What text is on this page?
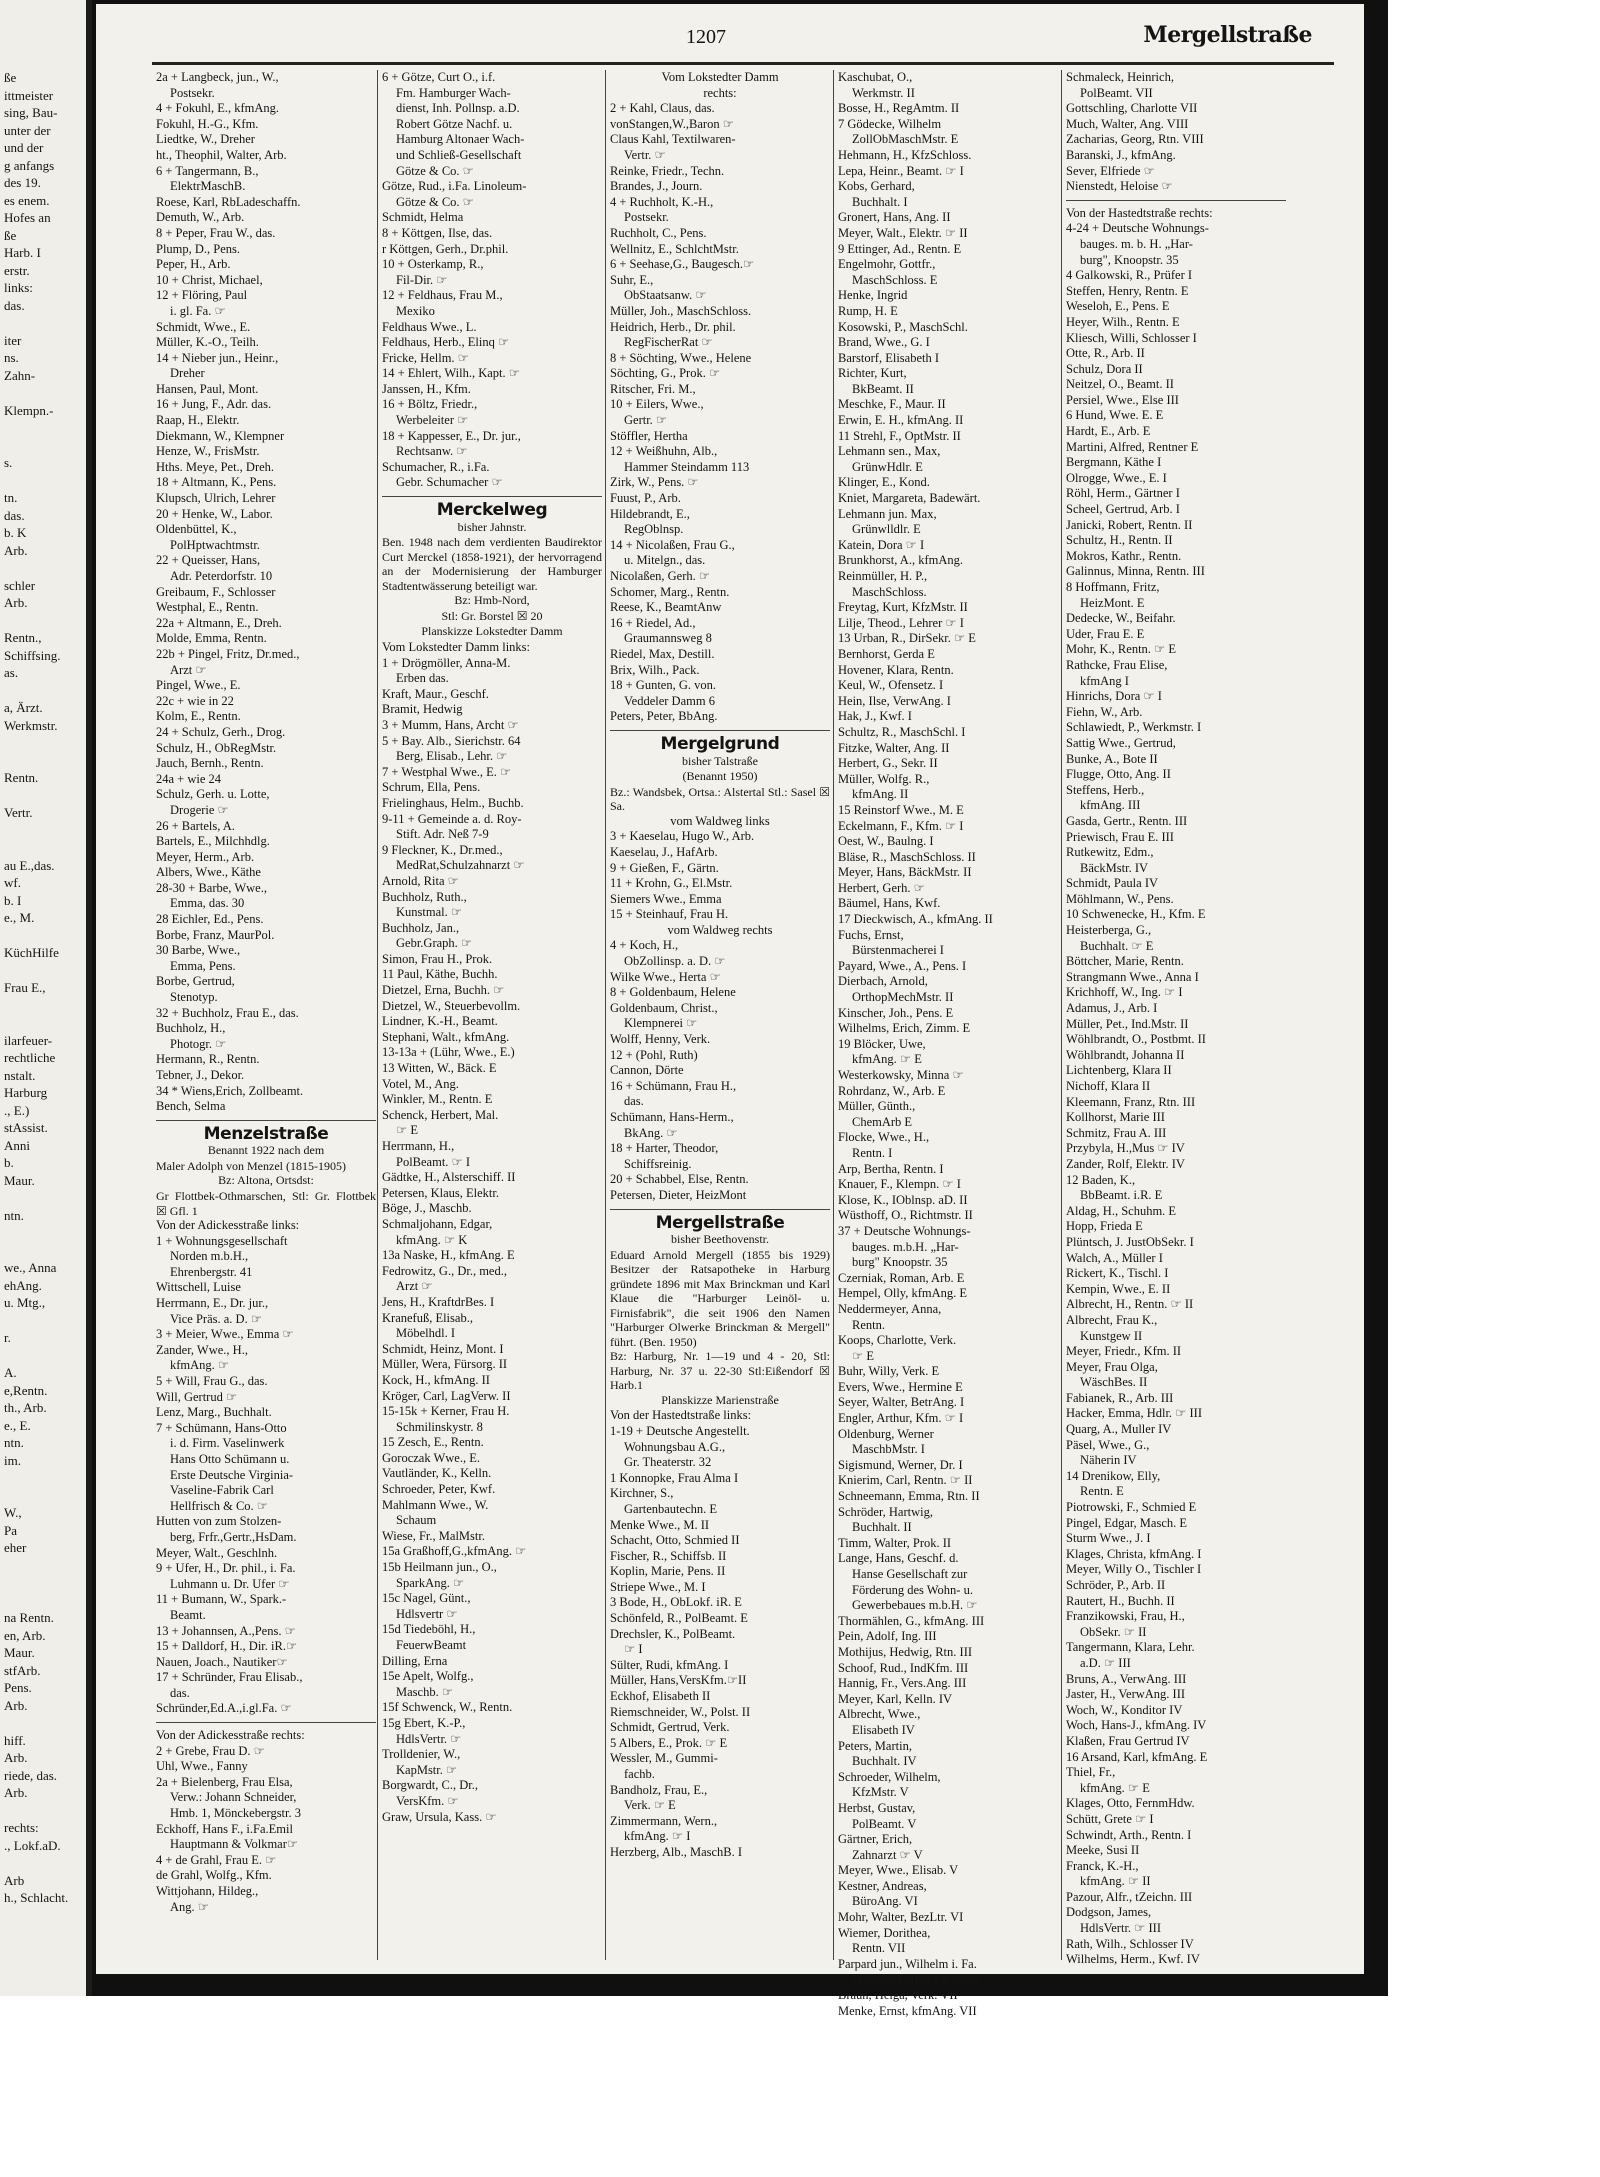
ße
ittmeister
sing, Bau-
unter der
und der
g anfangs
des 19.
es enem.
Hofes an
ße
Harb. I
erstr.
links:
das.
iter
ns.
Zahn-
Klempn.-
s.
tn.
das.
b. K
Arb.
schler
Arb.
Rentn.,
Schiffsing.
as.
a, Ärzt.
Werkmstr.
Rentn.
Vertr.
au E.,das.
wf.
b. I
e., M.
KüchHilfe
Frau E.,
ilarfeuer-
rechtliche
nstalt.
Harburg
., E.)
stAssist.
Anni
b.
Maur.
ntn.
we., Anna
ehAng.
u. Mtg.,
r.
A.
e,Rentn.
th., Arb.
e., E.
ntn.
im.
W.,
Pa
eher
na Rentn.
en, Arb.
Maur.
stfArb.
Pens.
Arb.
hiff.
Arb.
riede, das.
Arb.
rechts:
., Lokf.aD.
Arb
h., Schlacht.
1207	Mergellstraße
2a + Langbeck, jun., W.,
Postsekr.
4 + Fokuhl, E., kfmAng.
Fokuhl, H.-G., Kfm.
Liedtke, W., Dreher
ht., Theophil, Walter, Arb.
6 + Tangermann, B.,
ElektrMaschB.
Roese, Karl, RbLadeschaffn.
Demuth, W., Arb.
8 + Peper, Frau W., das.
Plump, D., Pens.
Peper, H., Arb.
10 + Christ, Michael,
12 + Flöring, Paul
i. gl. Fa. ☞
Schmidt, Wwe., E.
Müller, K.-O., Teilh.
14 + Nieber jun., Heinr.,
Dreher
Hansen, Paul, Mont.
16 + Jung, F., Adr. das.
Raap, H., Elektr.
Diekmann, W., Klempner
Henze, W., FrisMstr.
Hths. Meye, Pet., Dreh.
18 + Altmann, K., Pens.
Klupsch, Ulrich, Lehrer
20 + Henke, W., Labor.
Oldenbüttel, K.,
PolHptwachtmstr.
22 + Queisser, Hans,
Adr. Peterdorfstr. 10
Greibaum, F., Schlosser
Westphal, E., Rentn.
22a + Altmann, E., Dreh.
Molde, Emma, Rentn.
22b + Pingel, Fritz, Dr.med.,
Arzt ☞
Pingel, Wwe., E.
22c + wie in 22
Kolm, E., Rentn.
24 + Schulz, Gerh., Drog.
Schulz, H., ObRegMstr.
Jauch, Bernh., Rentn.
24a + wie 24
Schulz, Gerh. u. Lotte,
Drogerie ☞
26 + Bartels, A.
Bartels, E., Milchhdlg.
Meyer, Herm., Arb.
Albers, Wwe., Käthe
28-30 + Barbe, Wwe.,
Emma, das. 30
28 Eichler, Ed., Pens.
Borbe, Franz, MaurPol.
30 Barbe, Wwe.,
Emma, Pens.
Borbe, Gertrud,
Stenotyp.
32 + Buchholz, Frau E., das.
Buchholz, H.,
Photogr. ☞
Hermann, R., Rentn.
Tebner, J., Dekor.
34 * Wiens,Erich, Zollbeamt.
Bench, Selma
Menzelstraße
Benannt 1922 nach dem
Maler Adolph von Menzel (1815-1905)
Bz: Altona, Ortsdst:
Gr Flottbek-Othmarschen, Stl: Gr. Flottbek ☒ Gfl. 1
Von der Adickesstraße links:
1 + Wohnungsgesellschaft
Norden m.b.H.,
Ehrenbergstr. 41
Wittschell, Luise
Herrmann, E., Dr. jur.,
Vice Präs. a. D. ☞
3 + Meier, Wwe., Emma ☞
Zander, Wwe., H.,
kfmAng. ☞
5 + Will, Frau G., das.
Will, Gertrud ☞
Lenz, Marg., Buchhalt.
7 + Schümann, Hans-Otto
i. d. Firm. Vaselinwerk
Hans Otto Schümann u.
Erste Deutsche Virginia-
Vaseline-Fabrik Carl
Hellfrisch & Co. ☞
Hutten von zum Stolzen-
berg, Frfr.,Gertr.,HsDam.
Meyer, Walt., Geschlnh.
9 + Ufer, H., Dr. phil., i. Fa.
Luhmann u. Dr. Ufer ☞
11 + Bumann, W., Spark.-
Beamt.
13 + Johannsen, A.,Pens. ☞
15 + Dalldorf, H., Dir. iR.☞
Nauen, Joach., Nautiker☞
17 + Schründer, Frau Elisab.,
das.
Schründer,Ed.A.,i.gl.Fa. ☞
Von der Adickesstraße rechts:
2 + Grebe, Frau D. ☞
Uhl, Wwe., Fanny
2a + Bielenberg, Frau Elsa,
Verw.: Johann Schneider,
Hmb. 1, Mönckebergstr. 3
Eckhoff, Hans F., i.Fa.Emil
Hauptmann & Volkmar☞
4 + de Grahl, Frau E. ☞
de Grahl, Wolfg., Kfm.
Wittjohann, Hildeg.,
Ang. ☞
6 + Götze, Curt O., i.f.
Fm. Hamburger Wach-
dienst, Inh. Pollnsp. a.D.
Robert Götze Nachf. u.
Hamburg Altonaer Wach-
und Schließ-Gesellschaft
Götze & Co. ☞
Götze, Rud., i.Fa. Linoleum-
Götze & Co. ☞
Schmidt, Helma
8 + Köttgen, Ilse, das.
r Köttgen, Gerh., Dr.phil.
10 + Osterkamp, R.,
Fil-Dir. ☞
12 + Feldhaus, Frau M.,
Mexiko
Feldhaus Wwe., L.
Feldhaus, Herb., Elinq ☞
Fricke, Hellm. ☞
14 + Ehlert, Wilh., Kapt. ☞
Janssen, H., Kfm.
16 + Böltz, Friedr.,
Werbeleiter ☞
18 + Kappesser, E., Dr. jur.,
Rechtsanw. ☞
Schumacher, R., i.Fa.
Gebr. Schumacher ☞
Merckelweg
bisher Jahnstr.
Ben. 1948 nach dem verdienten Baudirektor Curt Merckel (1858-1921), der hervorragend an der Modernisierung der Hamburger Stadtentwässerung beteiligt war.
Bz: Hmb-Nord,
Stl: Gr. Borstel ☒ 20
Planskizze Lokstedter Damm
Vom Lokstedter Damm links:
1 + Drögmöller, Anna-M.
Erben das.
Kraft, Maur., Geschf.
Bramit, Hedwig
3 + Mumm, Hans, Archt ☞
5 + Bay. Alb., Sierichstr. 64
Berg, Elisab., Lehr. ☞
7 + Westphal Wwe., E. ☞
Schrum, Ella, Pens.
Frielinghaus, Helm., Buchb.
9-11 + Gemeinde a. d. Roy-
Stift. Adr. Neß 7-9
9 Fleckner, K., Dr.med.,
MedRat,Schulzahnarzt ☞
Arnold, Rita ☞
Buchholz, Ruth.,
Kunstmal. ☞
Buchholz, Jan.,
Gebr.Graph. ☞
Simon, Frau H., Prok.
11 Paul, Käthe, Buchh.
Dietzel, Erna, Buchh. ☞
Dietzel, W., Steuerbevollm.
Lindner, K.-H., Beamt.
Stephani, Walt., kfmAng.
13-13a + (Lühr, Wwe., E.)
13 Witten, W., Bäck. E
Votel, M., Ang.
Winkler, M., Rentn. E
Schenck, Herbert, Mal.
☞ E
Herrmann, H.,
PolBeamt. ☞ I
Gädtke, H., Alsterschiff. II
Petersen, Klaus, Elektr.
Böge, J., Maschb.
Schmaljohann, Edgar,
kfmAng. ☞ K
13a Naske, H., kfmAng. E
Fedrowitz, G., Dr., med.,
Arzt ☞
Jens, H., KraftdrBes. I
Kranefuß, Elisab.,
Möbelhdl. I
Schmidt, Heinz, Mont. I
Müller, Wera, Fürsorg. II
Kock, H., kfmAng. II
Kröger, Carl, LagVerw. II
15-15k + Kerner, Frau H.
Schmilinskystr. 8
15 Zesch, E., Rentn.
Goroczak Wwe., E.
Vautländer, K., Kelln.
Schroeder, Peter, Kwf.
Mahlmann Wwe., W.
Schaum
Wiese, Fr., MalMstr.
15a Graßhoff,G.,kfmAng. ☞
15b Heilmann jun., O.,
SparkAng. ☞
15c Nagel, Günt.,
Hdlsvertr ☞
15d Tiedeböhl, H.,
FeuerwBeamt
Dilling, Erna
15e Apelt, Wolfg.,
Maschb. ☞
15f Schwenck, W., Rentn.
15g Ebert, K.-P.,
HdlsVertr. ☞
Trolldenier, W.,
KapMstr. ☞
Borgwardt, C., Dr.,
VersKfm. ☞
Graw, Ursula, Kass. ☞
Vom Lokstedter Damm
rechts:
2 + Kahl, Claus, das.
vonStangen,W.,Baron ☞
Claus Kahl, Textilwaren-
Vertr. ☞
Reinke, Friedr., Techn.
Brandes, J., Journ.
4 + Ruchholt, K.-H.,
Postsekr.
Ruchholt, C., Pens.
Wellnitz, E., SchlchtMstr.
6 + Seehase,G., Baugesch.☞
Suhr, E.,
ObStaatsanw. ☞
Müller, Joh., MaschSchloss.
Heidrich, Herb., Dr. phil.
RegFischerRat ☞
8 + Söchting, Wwe., Helene
Söchting, G., Prok. ☞
Ritscher, Fri. M.,
10 + Eilers, Wwe.,
Gertr. ☞
Stöffler, Hertha
12 + Weißhuhn, Alb.,
Hammer Steindamm 113
Zirk, W., Pens. ☞
Fuust, P., Arb.
Hildebrandt, E.,
RegOblnsp.
14 + Nicolaßen, Frau G.,
u. Mitelgn., das.
Nicolaßen, Gerh. ☞
Schomer, Marg., Rentn.
Reese, K., BeamtAnw
16 + Riedel, Ad.,
Graumannsweg 8
Riedel, Max, Destill.
Brix, Wilh., Pack.
18 + Gunten, G. von.
Veddeler Damm 6
Peters, Peter, BbAng.
Mergelgrund
bisher Talstraße
(Benannt 1950)
Bz.: Wandsbek, Ortsa.: Alstertal Stl.: Sasel ☒ Sa.
vom Waldweg links
3 + Kaeselau, Hugo W., Arb.
Kaeselau, J., HafArb.
9 + Gießen, F., Gärtn.
11 + Krohn, G., El.Mstr.
Siemers Wwe., Emma
15 + Steinhauf, Frau H.
vom Waldweg rechts
4 + Koch, H.,
ObZollinsp. a. D. ☞
Wilke Wwe., Herta ☞
8 + Goldenbaum, Helene
Goldenbaum, Christ.,
Klempnerei ☞
Wolff, Henny, Verk.
12 + (Pohl, Ruth)
Cannon, Dörte
16 + Schümann, Frau H.,
das.
Schümann, Hans-Herm.,
BkAng. ☞
18 + Harter, Theodor,
Schiffsreinig.
20 + Schabbel, Else, Rentn.
Petersen, Dieter, HeizMont
Mergellstraße
bisher Beethovenstr.
Eduard Arnold Mergell (1855 bis 1929) Besitzer der Ratsapotheke in Harburg gründete 1896 mit Max Brinckman und Karl Klaue die "Harburger Leinöl- u. Firnisfabrik", die seit 1906 den Namen "Harburger Olwerke Brinckman & Mergell" führt. (Ben. 1950)
Bz: Harburg, Nr. 1—19 und 4 - 20, Stl: Harburg, Nr. 37 u. 22-30 Stl:Eißendorf ☒ Harb.1
Planskizze Marienstraße
Von der Hastedtstraße links:
1-19 + Deutsche Angestellt.
Wohnungsbau A.G.,
Gr. Theaterstr. 32
1 Konnopke, Frau Alma I
Kirchner, S.,
Gartenbautechn. E
Menke Wwe., M. II
Schacht, Otto, Schmied II
Fischer, R., Schiffsb. II
Koplin, Marie, Pens. II
Striepe Wwe., M. I
3 Bode, H., ObLokf. iR. E
Schönfeld, R., PolBeamt. E
Drechsler, K., PolBeamt.
☞ I
Sülter, Rudi, kfmAng. I
Müller, Hans,VersKfm.☞II
Eckhof, Elisabeth II
Riemschneider, W., Polst. II
Schmidt, Gertrud, Verk.
5 Albers, E., Prok. ☞ E
Wessler, M., Gummi-
fachb.
Bandholz, Frau, E.,
Verk. ☞ E
Zimmermann, Wern.,
kfmAng. ☞ I
Herzberg, Alb., MaschB. I
Kaschubat, O.,
Werkmstr. II
Bosse, H., RegAmtm. II
7 Gödecke, Wilhelm
ZollObMaschMstr. E
Hehmann, H., KfzSchloss.
Lepa, Heinr., Beamt. ☞ I
Kobs, Gerhard,
Buchhalt. I
Gronert, Hans, Ang. II
Meyer, Walt., Elektr. ☞ II
9 Ettinger, Ad., Rentn. E
Engelmohr, Gottfr.,
MaschSchloss. E
Henke, Ingrid
Rump, H. E
Kosowski, P., MaschSchl.
Brand, Wwe., G. I
Barstorf, Elisabeth I
Richter, Kurt,
BkBeamt. II
Meschke, F., Maur. II
Erwin, E. H., kfmAng. II
11 Strehl, F., OptMstr. II
Lehmann sen., Max,
GrünwHdlr. E
Klinger, E., Kond.
Kniet, Margareta, Badewärt.
Lehmann jun. Max,
Grünwlldlr. E
Katein, Dora ☞ I
Brunkhorst, A., kfmAng.
Reinmüller, H. P.,
MaschSchloss.
Freytag, Kurt, KfzMstr. II
Lilje, Theod., Lehrer ☞ I
13 Urban, R., DirSekr. ☞ E
Bernhorst, Gerda E
Hovener, Klara, Rentn.
Keul, W., Ofensetz. I
Hein, Ilse, VerwAng. I
Hak, J., Kwf. I
Schultz, R., MaschSchl. I
Fitzke, Walter, Ang. II
Herbert, G., Sekr. II
Müller, Wolfg. R.,
kfmAng. II
15 Reinstorf Wwe., M. E
Eckelmann, F., Kfm. ☞ I
Oest, W., Baulng. I
Bläse, R., MaschSchloss. II
Meyer, Hans, BäckMstr. II
Herbert, Gerh. ☞
Bäumel, Hans, Kwf.
17 Dieckwisch, A., kfmAng. II
Fuchs, Ernst,
Bürstenmacherei I
Payard, Wwe., A., Pens. I
Dierbach, Arnold,
OrthopMechMstr. II
Kinscher, Joh., Pens. E
Wilhelms, Erich, Zimm. E
19 Blöcker, Uwe,
kfmAng. ☞ E
Westerkowsky, Minna ☞
Rohrdanz, W., Arb. E
Müller, Günth.,
ChemArb E
Flocke, Wwe., H.,
Rentn. I
Arp, Bertha, Rentn. I
Knauer, F., Klempn. ☞ I
Klose, K., IOblnsp. aD. II
Wüsthoff, O., Richtmstr. II
37 + Deutsche Wohnungs-
bauges. m.b.H. „Har-
burg" Knoopstr. 35
Czerniak, Roman, Arb. E
Hempel, Olly, kfmAng. E
Neddermeyer, Anna,
Rentn.
Koops, Charlotte, Verk.
☞ E
Buhr, Willy, Verk. E
Evers, Wwe., Hermine E
Seyer, Walter, BetrAng. I
Engler, Arthur, Kfm. ☞ I
Oldenburg, Werner
MaschbMstr. I
Sigismund, Werner, Dr. I
Knierim, Carl, Rentn. ☞ II
Schneemann, Emma, Rtn. II
Schröder, Hartwig,
Buchhalt. II
Timm, Walter, Prok. II
Lange, Hans, Geschf. d.
Hanse Gesellschaft zur
Förderung des Wohn- u.
Gewerbebaues m.b.H. ☞
Thormählen, G., kfmAng. III
Pein, Adolf, Ing. III
Mothijus, Hedwig, Rtn. III
Schoof, Rud., IndKfm. III
Hannig, Fr., Vers.Ang. III
Meyer, Karl, Kelln. IV
Albrecht, Wwe.,
Elisabeth IV
Peters, Martin,
Buchhalt. IV
Schroeder, Wilhelm,
KfzMstr. V
Herbst, Gustav,
PolBeamt. V
Gärtner, Erich,
Zahnarzt ☞ V
Meyer, Wwe., Elisab. V
Kestner, Andreas,
BüroAng. VI
Mohr, Walter, BezLtr. VI
Wiemer, Dorithea,
Rentn. VII
Parpard jun., Wilhelm i. Fa.
Wilhelm Parpard & Sohn
Braun, Helga, Verk. VII
Menke, Ernst, kfmAng. VII
Schmaleck, Heinrich,
PolBeamt. VII
Gottschling, Charlotte VII
Much, Walter, Ang. VIII
Zacharias, Georg, Rtn. VIII
Baranski, J., kfmAng.
Sever, Elfriede ☞
Nienstedt, Heloise ☞
Von der Hastedtstraße rechts:
4-24 + Deutsche Wohnungs-
bauges. m. b. H. „Har-
burg", Knoopstr. 35
4 Galkowski, R., Prüfer I
Steffen, Henry, Rentn. E
Weseloh, E., Pens. E
Heyer, Wilh., Rentn. E
Kliesch, Willi, Schlosser I
Otte, R., Arb. II
Schulz, Dora II
Neitzel, O., Beamt. II
Persiel, Wwe., Else III
6 Hund, Wwe. E. E
Hardt, E., Arb. E
Martini, Alfred, Rentner E
Bergmann, Käthe I
Olrogge, Wwe., E. I
Röhl, Herm., Gärtner I
Scheel, Gertrud, Arb. I
Janicki, Robert, Rentn. II
Schultz, H., Rentn. II
Mokros, Kathr., Rentn.
Galinnus, Minna, Rentn. III
8 Hoffmann, Fritz,
HeizMont. E
Dedecke, W., Beifahr.
Uder, Frau E. E
Mohr, K., Rentn. ☞ E
Rathcke, Frau Elise,
kfmAng I
Hinrichs, Dora ☞ I
Fiehn, W., Arb.
Schlawiedt, P., Werkmstr. I
Sattig Wwe., Gertrud,
Bunke, A., Bote II
Flugge, Otto, Ang. II
Steffens, Herb.,
kfmAng. III
Gasda, Gertr., Rentn. III
Priewisch, Frau E. III
Rutkewitz, Edm.,
BäckMstr. IV
Schmidt, Paula IV
Möhlmann, W., Pens.
10 Schwenecke, H., Kfm. E
Heisterberga, G.,
Buchhalt. ☞ E
Böttcher, Marie, Rentn.
Strangmann Wwe., Anna I
Krichhoff, W., Ing. ☞ I
Adamus, J., Arb. I
Müller, Pet., Ind.Mstr. II
Wöhlbrandt, O., Postbmt. II
Wöhlbrandt, Johanna II
Lichtenberg, Klara II
Nichoff, Klara II
Kleemann, Franz, Rtn. III
Kollhorst, Marie III
Schmitz, Frau A. III
Przybyla, H.,Mus ☞ IV
Zander, Rolf, Elektr. IV
12 Baden, K.,
BbBeamt. i.R. E
Aldag, H., Schuhm. E
Hopp, Frieda E
Plüntsch, J. JustObSekr. I
Walch, A., Müller I
Rickert, K., Tischl. I
Kempin, Wwe., E. II
Albrecht, H., Rentn. ☞ II
Albrecht, Frau K.,
Kunstgew II
Meyer, Friedr., Kfm. II
Meyer, Frau Olga,
WäschBes. II
Fabianek, R., Arb. III
Hacker, Emma, Hdlr. ☞ III
Quarg, A., Muller IV
Päsel, Wwe., G.,
Näherin IV
14 Drenikow, Elly,
Rentn. E
Piotrowski, F., Schmied E
Pingel, Edgar, Masch. E
Sturm Wwe., J. I
Klages, Christa, kfmAng. I
Meyer, Willy O., Tischler I
Schröder, P., Arb. II
Rautert, H., Buchh. II
Franzikowski, Frau, H.,
ObSekr. ☞ II
Tangermann, Klara, Lehr.
a.D. ☞ III
Bruns, A., VerwAng. III
Jaster, H., VerwAng. III
Woch, W., Konditor IV
Woch, Hans-J., kfmAng. IV
Klaßen, Frau Gertrud IV
16 Arsand, Karl, kfmAng. E
Thiel, Fr.,
kfmAng. ☞ E
Klages, Otto, FernmHdw.
Schütt, Grete ☞ I
Schwindt, Arth., Rentn. I
Meeke, Susi II
Franck, K.-H.,
kfmAng. ☞ II
Pazour, Alfr., tZeichn. III
Dodgson, James,
HdlsVertr. ☞ III
Rath, Wilh., Schlosser IV
Wilhelms, Herm., Kwf. IV
